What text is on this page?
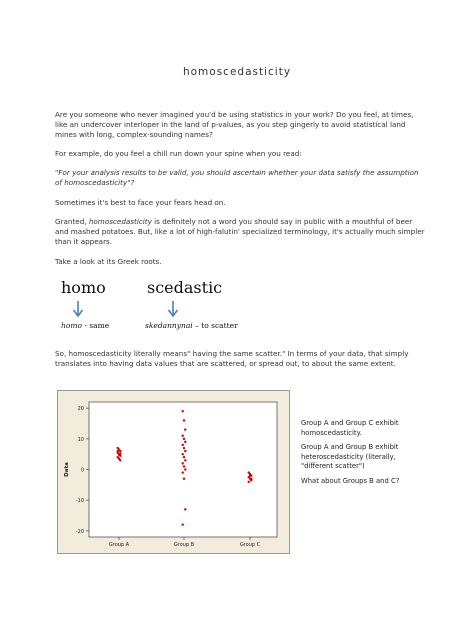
homoscedasticity
Are you someone who never imagined you'd be using statistics in your work? Do you feel, at times, like an undercover interloper in the land of p-values, as you step gingerly to avoid statistical land mines with long, complex-sounding names?
For example, do you feel a chill run down your spine when you read:
"For your analysis results to be valid, you should ascertain whether your data satisfy the assumption of homoscedasticity"?
Sometimes it's best to face your fears head on.
Granted, homoscedasticity is definitely not a word you should say in public with a mouthful of beer and mashed potatoes. But, like a lot of high-falutin' specialized terminology, it's actually much simpler than it appears.
Take a look at its Greek roots.
homo	scedastic
homo - same	skedannynai – to scatter
So, homoscedasticity literally means" having the same scatter." In terms of your data, that simply translates into having data values that are scattered, or spread out, to about the same extent.
20
10
0
-10
-20
Group A	Group B	Group C
Data
Group A and Group C exhibit homoscedasticity.
Group A and Group B exhibit heteroscedasticity (literally, "different scatter")
What about Groups B and C?
